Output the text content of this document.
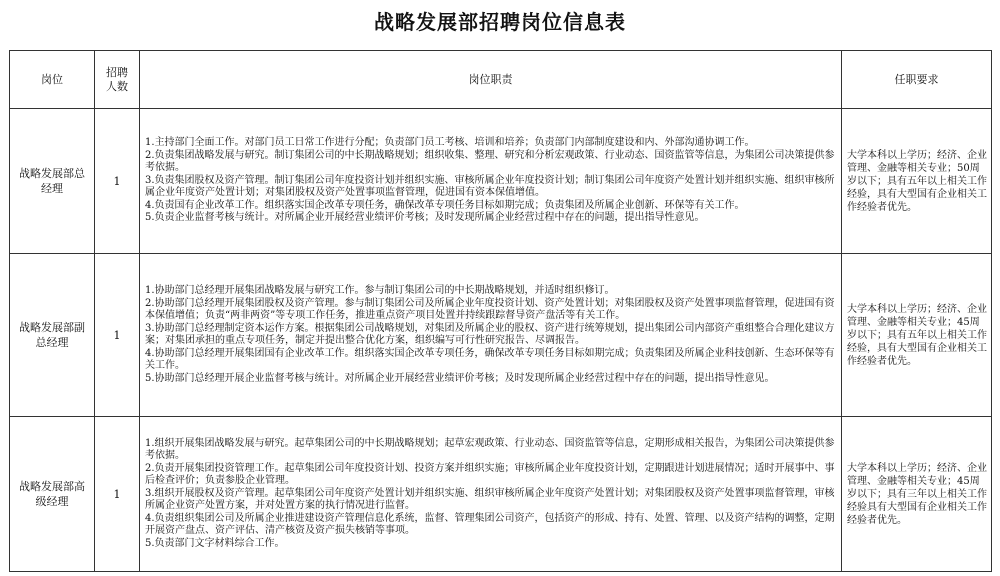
战略发展部招聘岗位信息表
岗位	招聘人数	岗位职责	任职要求
战略发展部总经理	1	1.主持部门全面工作。对部门员工日常工作进行分配；负责部门员工考核、培训和培养；负责部门内部制度建设和内、外部沟通协调工作。

2.负责集团战略发展与研究。制订集团公司的中长期战略规划；组织收集、整理、研究和分析宏观政策、行业动态、国资监管等信息，为集团公司决策提供参考依据。

3.负责集团股权及资产管理。制订集团公司年度投资计划并组织实施、审核所属企业年度投资计划；制订集团公司年度资产处置计划并组织实施、组织审核所属企业年度资产处置计划；对集团股权及资产处置事项监督管理，促进国有资本保值增值。

4.负责国有企业改革工作。组织落实国企改革专项任务，确保改革专项任务目标如期完成；负责集团及所属企业创新、环保等有关工作。

5.负责企业监督考核与统计。对所属企业开展经营业绩评价考核；及时发现所属企业经营过程中存在的问题，提出指导性意见。	大学本科以上学历；经济、企业管理、金融等相关专业；50周岁以下；具有五年以上相关工作经验，具有大型国有企业相关工作经验者优先。
战略发展部副总经理	1	1.协助部门总经理开展集团战略发展与研究工作。参与制订集团公司的中长期战略规划，并适时组织修订。

2.协助部门总经理开展集团股权及资产管理。参与制订集团公司及所属企业年度投资计划、资产处置计划；对集团股权及资产处置事项监督管理，促进国有资本保值增值；负责“两非两资”等专项工作任务，推进重点资产项目处置并持续跟踪督导资产盘活等有关工作。

3.协助部门总经理制定资本运作方案。根据集团公司战略规划，对集团及所属企业的股权、资产进行统筹规划，提出集团公司内部资产重组整合合理化建议方案；对集团承担的重点专项任务，制定并提出整合优化方案，组织编写可行性研究报告、尽调报告。

4.协助部门总经理开展集团国有企业改革工作。组织落实国企改革专项任务，确保改革专项任务目标如期完成；负责集团及所属企业科技创新、生态环保等有关工作。

5.协助部门总经理开展企业监督考核与统计。对所属企业开展经营业绩评价考核；及时发现所属企业经营过程中存在的问题，提出指导性意见。	大学本科以上学历；经济、企业管理、金融等相关专业；45周岁以下；具有五年以上相关工作经验，具有大型国有企业相关工作经验者优先。
战略发展部高级经理	1	1.组织开展集团战略发展与研究。起草集团公司的中长期战略规划；起草宏观政策、行业动态、国资监管等信息，定期形成相关报告，为集团公司决策提供参考依据。

2.负责开展集团投资管理工作。起草集团公司年度投资计划、投资方案并组织实施；审核所属企业年度投资计划，定期跟进计划进展情况；适时开展事中、事后检查评价；负责参股企业管理。

3.组织开展股权及资产管理。起草集团公司年度资产处置计划并组织实施、组织审核所属企业年度资产处置计划；对集团股权及资产处置事项监督管理，审核所属企业资产处置方案，并对处置方案的执行情况进行监督。

4.负责组织集团公司及所属企业推进建设资产管理信息化系统，监督、管理集团公司资产，包括资产的形成、持有、处置、管理、以及资产结构的调整，定期开展资产盘点、资产评估、清产核资及资产损失核销等事项。

5.负责部门文字材料综合工作。	大学本科以上学历；经济、企业管理、金融等相关专业；45周岁以下；具有三年以上相关工作经验具有大型国有企业相关工作经验者优先。
